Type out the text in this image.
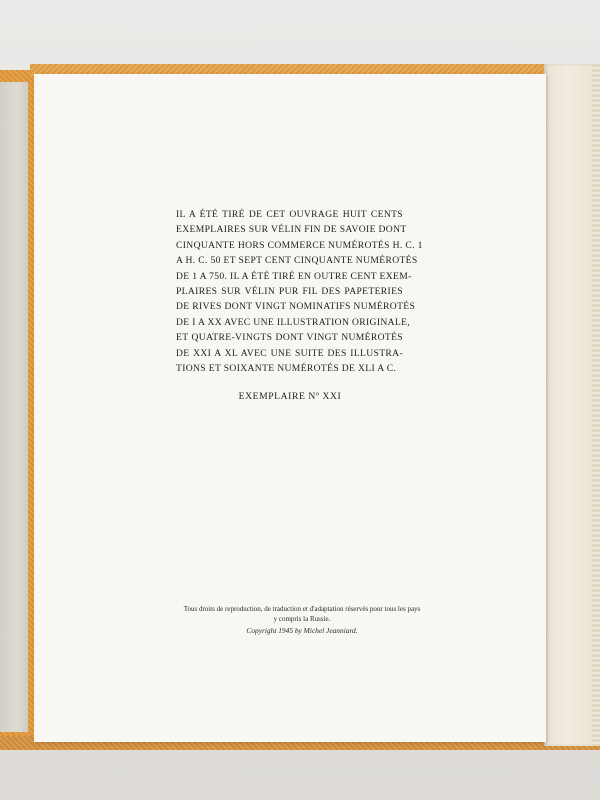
IL A ÉTÉ TIRÉ DE CET OUVRAGE HUIT CENTS
EXEMPLAIRES SUR VÉLIN FIN DE SAVOIE DONT
CINQUANTE HORS COMMERCE NUMÉROTÉS H. C. 1
A H. C. 50 ET SEPT CENT CINQUANTE NUMÉROTÉS
DE 1 A 750. IL A ÉTÉ TIRÉ EN OUTRE CENT EXEM-
PLAIRES SUR VÉLIN PUR FIL DES PAPETERIES
DE RIVES DONT VINGT NOMINATIFS NUMÉROTÉS
DE I A XX AVEC UNE ILLUSTRATION ORIGINALE,
ET QUATRE-VINGTS DONT VINGT NUMÉROTÉS
DE XXI A XL AVEC UNE SUITE DES ILLUSTRA-
TIONS ET SOIXANTE NUMÉROTÉS DE XLI A C.
EXEMPLAIRE Nº XXI
Tous droits de reproduction, de traduction et d'adaptation réservés pour tous les pays
y compris la Russie.
Copyright 1945 by Michel Jeanniard.
